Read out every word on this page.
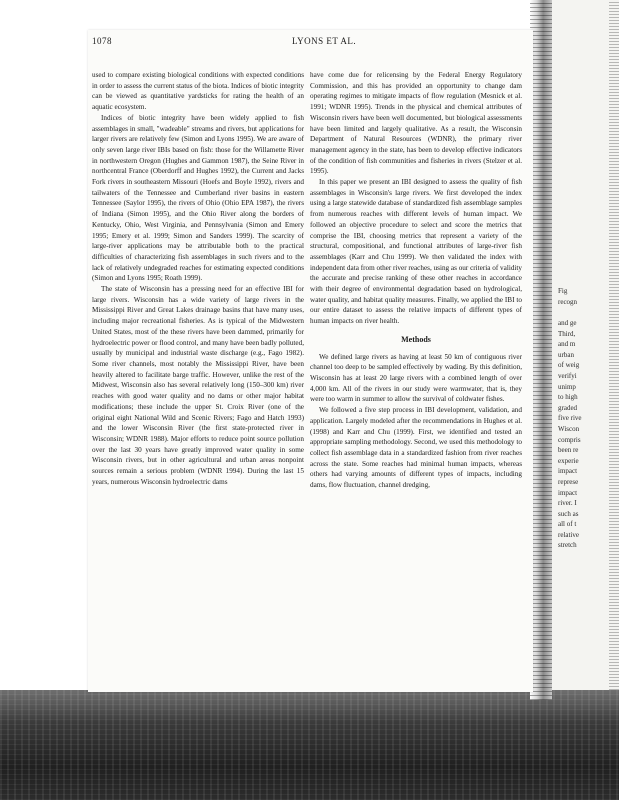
1078	LYONS ET AL.

used to compare existing biological conditions with expected conditions in order to assess the current status of the biota. Indices of biotic integrity can be viewed as quantitative yardsticks for rating the health of an aquatic ecosystem.

Indices of biotic integrity have been widely applied to fish assemblages in small, "wadeable" streams and rivers, but applications for larger rivers are relatively few (Simon and Lyons 1995). We are aware of only seven large river IBIs based on fish: those for the Willamette River in northwestern Oregon (Hughes and Gammon 1987), the Seine River in northcentral France (Oberdorff and Hughes 1992), the Current and Jacks Fork rivers in southeastern Missouri (Hoefs and Boyle 1992), rivers and tailwaters of the Tennessee and Cumberland river basins in eastern Tennessee (Saylor 1995), the rivers of Ohio (Ohio EPA 1987), the rivers of Indiana (Simon 1995), and the Ohio River along the borders of Kentucky, Ohio, West Virginia, and Pennsylvania (Simon and Emery 1995; Emery et al. 1999; Simon and Sanders 1999). The scarcity of large-river applications may be attributable both to the practical difficulties of characterizing fish assemblages in such rivers and to the lack of relatively undegraded reaches for estimating expected conditions (Simon and Lyons 1995; Roath 1999).

The state of Wisconsin has a pressing need for an effective IBI for large rivers. Wisconsin has a wide variety of large rivers in the Mississippi River and Great Lakes drainage basins that have many uses, including major recreational fisheries. As is typical of the Midwestern United States, most of the these rivers have been dammed, primarily for hydroelectric power or flood control, and many have been badly polluted, usually by municipal and industrial waste discharge (e.g., Fago 1982). Some river channels, most notably the Mississippi River, have been heavily altered to facilitate barge traffic. However, unlike the rest of the Midwest, Wisconsin also has several relatively long (150–300 km) river reaches with good water quality and no dams or other major habitat modifications; these include the upper St. Croix River (one of the original eight National Wild and Scenic Rivers; Fago and Hatch 1993) and the lower Wisconsin River (the first state-protected river in Wisconsin; WDNR 1988). Major efforts to reduce point source pollution over the last 30 years have greatly improved water quality in some Wisconsin rivers, but in other agricultural and urban areas nonpoint sources remain a serious problem (WDNR 1994). During the last 15 years, numerous Wisconsin hydroelectric dams

have come due for relicensing by the Federal Energy Regulatory Commission, and this has provided an opportunity to change dam operating regimes to mitigate impacts of flow regulation (Mesnick et al. 1991; WDNR 1995). Trends in the physical and chemical attributes of Wisconsin rivers have been well documented, but biological assessments have been limited and largely qualitative. As a result, the Wisconsin Department of Natural Resources (WDNR), the primary river management agency in the state, has been to develop effective indicators of the condition of fish communities and fisheries in rivers (Stelzer et al. 1995).

In this paper we present an IBI designed to assess the quality of fish assemblages in Wisconsin's large rivers. We first developed the index using a large statewide database of standardized fish assemblage samples from numerous reaches with different levels of human impact. We followed an objective procedure to select and score the metrics that comprise the IBI, choosing metrics that represent a variety of the structural, compositional, and functional attributes of large-river fish assemblages (Karr and Chu 1999). We then validated the index with independent data from other river reaches, using as our criteria of validity the accurate and precise ranking of these other reaches in accordance with their degree of environmental degradation based on hydrological, water quality, and habitat quality measures. Finally, we applied the IBI to our entire dataset to assess the relative impacts of different types of human impacts on river health.

Methods

We defined large rivers as having at least 50 km of contiguous river channel too deep to be sampled effectively by wading. By this definition, Wisconsin has at least 20 large rivers with a combined length of over 4,000 km. All of the rivers in our study were warmwater, that is, they were too warm in summer to allow the survival of coldwater fishes.

We followed a five step process in IBI development, validation, and application. Largely modeled after the recommendations in Hughes et al. (1998) and Karr and Chu (1999). First, we identified and tested an appropriate sampling methodology. Second, we used this methodology to collect fish assemblage data in a standardized fashion from river reaches across the state. Some reaches had minimal human impacts, whereas others had varying amounts of different types of impacts, including dams, flow fluctuation, channel dredging,

Fig
recogn
and ge
Third,
and m
urban
of weig
verifyi
unimp
to high
graded
five rive
Wiscon
compris
been re
experie
impact
represe
impact
river. I
such as
all of t
relative
stretch
